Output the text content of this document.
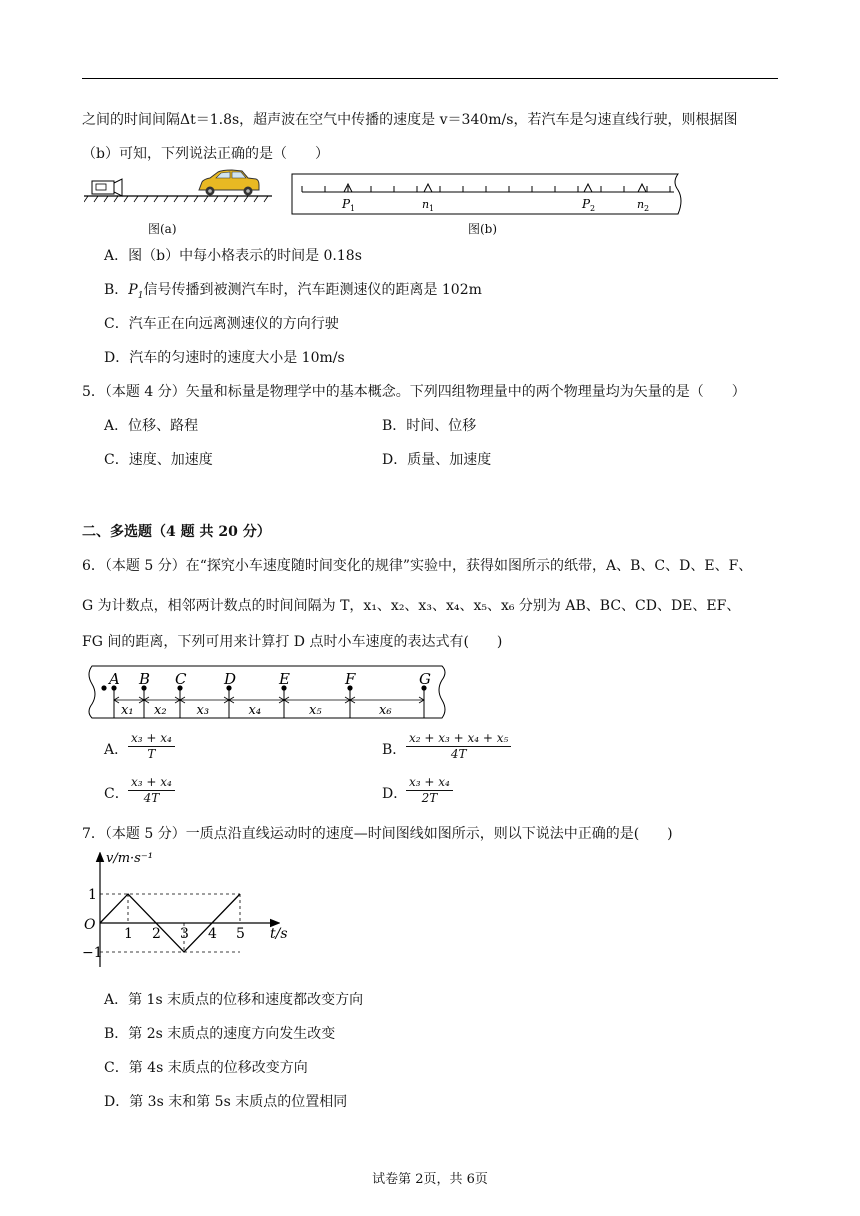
之间的时间间隔Δt＝1.8s，超声波在空气中传播的速度是 v＝340m/s，若汽车是匀速直线行驶，则根据图
（b）可知，下列说法正确的是（　　）
P 1	n 1	P 2	n 2
图(a)	图(b)
A．图（b）中每小格表示的时间是 0.18s
B．$P_1$信号传播到被测汽车时，汽车距测速仪的距离是 102m
C．汽车正在向远离测速仪的方向行驶
D．汽车的匀速时的速度大小是 10m/s
5．（本题 4 分）矢量和标量是物理学中的基本概念。下列四组物理量中的两个物理量均为矢量的是（　　）
A．位移、路程	B．时间、位移
C．速度、加速度	D．质量、加速度
二、多选题（4 题 共 20 分）
6．（本题 5 分）在“探究小车速度随时间变化的规律”实验中，获得如图所示的纸带，A、B、C、D、E、F、
G 为计数点，相邻两计数点的时间间隔为 T，x₁、x₂、x₃、x₄、x₅、x₆ 分别为 AB、BC、CD、DE、EF、
FG 间的距离，下列可用来计算打 D 点时小车速度的表达式有(　　)
A B C	D	E	F	G
x₁ x₂ x₃	x₄	x₅	x₆
A． $\frac{\text{x₃ + x₄}}{T}$	B． $\frac{\text{x₂ + x₃ + x₄ + x₅}}{4T}$
C． $\frac{\text{x₃ + x₄}}{4T}$	D．
$\frac{\text{x₃ + x₄}}{2T}$
7．（本题 5 分）一质点沿直线运动时的速度—时间图线如图所示，则以下说法中正确的是(　　)
1 2 3 4 5
1
−1
O
v/m·s⁻¹
t/s
A．第 1s 末质点的位移和速度都改变方向
B．第 2s 末质点的速度方向发生改变
C．第 4s 末质点的位移改变方向
D．第 3s 末和第 5s 末质点的位置相同
试卷第 2页，共 6页
